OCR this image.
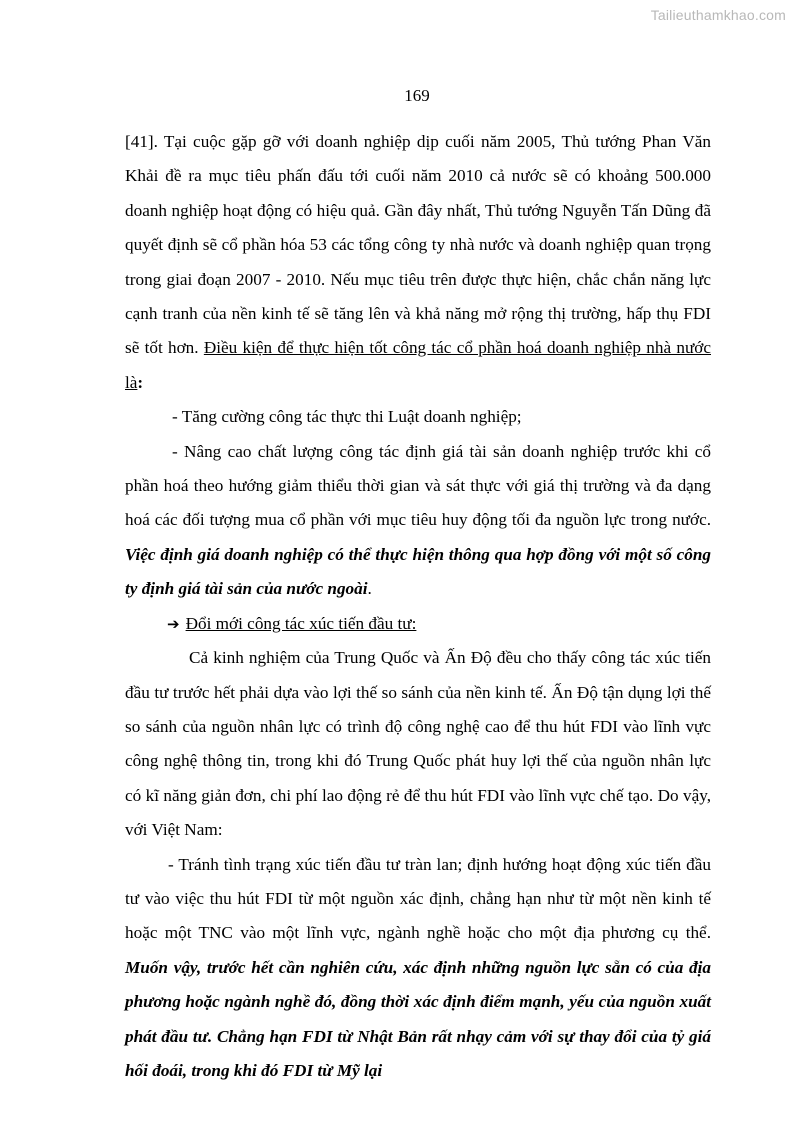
Tailieuthamkhao.com
169

[41]. Tại cuộc gặp gỡ với doanh nghiệp dịp cuối năm 2005, Thủ tướng Phan Văn Khải đề ra mục tiêu phấn đấu tới cuối năm 2010 cả nước sẽ có khoảng 500.000 doanh nghiệp hoạt động có hiệu quả. Gần đây nhất, Thủ tướng Nguyễn Tấn Dũng đã quyết định sẽ cổ phần hóa 53 các tổng công ty nhà nước và doanh nghiệp quan trọng trong giai đoạn 2007 - 2010. Nếu mục tiêu trên được thực hiện, chắc chắn năng lực cạnh tranh của nền kinh tế sẽ tăng lên và khả năng mở rộng thị trường, hấp thụ FDI sẽ tốt hơn. Điều kiện để thực hiện tốt công tác cổ phần hoá doanh nghiệp nhà nước là:

- Tăng cường công tác thực thi Luật doanh nghiệp;

- Nâng cao chất lượng công tác định giá tài sản doanh nghiệp trước khi cổ phần hoá theo hướng giảm thiểu thời gian và sát thực với giá thị trường và đa dạng hoá các đối tượng mua cổ phần với mục tiêu huy động tối đa nguồn lực trong nước. Việc định giá doanh nghiệp có thể thực hiện thông qua hợp đồng với một số công ty định giá tài sản của nước ngoài.

➔ Đổi mới công tác xúc tiến đầu tư:

Cả kinh nghiệm của Trung Quốc và Ấn Độ đều cho thấy công tác xúc tiến đầu tư trước hết phải dựa vào lợi thế so sánh của nền kinh tế. Ấn Độ tận dụng lợi thế so sánh của nguồn nhân lực có trình độ công nghệ cao để thu hút FDI vào lĩnh vực công nghệ thông tin, trong khi đó Trung Quốc phát huy lợi thế của nguồn nhân lực có kĩ năng giản đơn, chi phí lao động rẻ để thu hút FDI vào lĩnh vực chế tạo. Do vậy, với Việt Nam:

- Tránh tình trạng xúc tiến đầu tư tràn lan; định hướng hoạt động xúc tiến đầu tư vào việc thu hút FDI từ một nguồn xác định, chẳng hạn như từ một nền kinh tế hoặc một TNC vào một lĩnh vực, ngành nghề hoặc cho một địa phương cụ thể. Muốn vậy, trước hết cần nghiên cứu, xác định những nguồn lực sẵn có của địa phương hoặc ngành nghề đó, đồng thời xác định điểm mạnh, yếu của nguồn xuất phát đầu tư. Chẳng hạn FDI từ Nhật Bản rất nhạy cảm với sự thay đổi của tỷ giá hối đoái, trong khi đó FDI từ Mỹ lại
